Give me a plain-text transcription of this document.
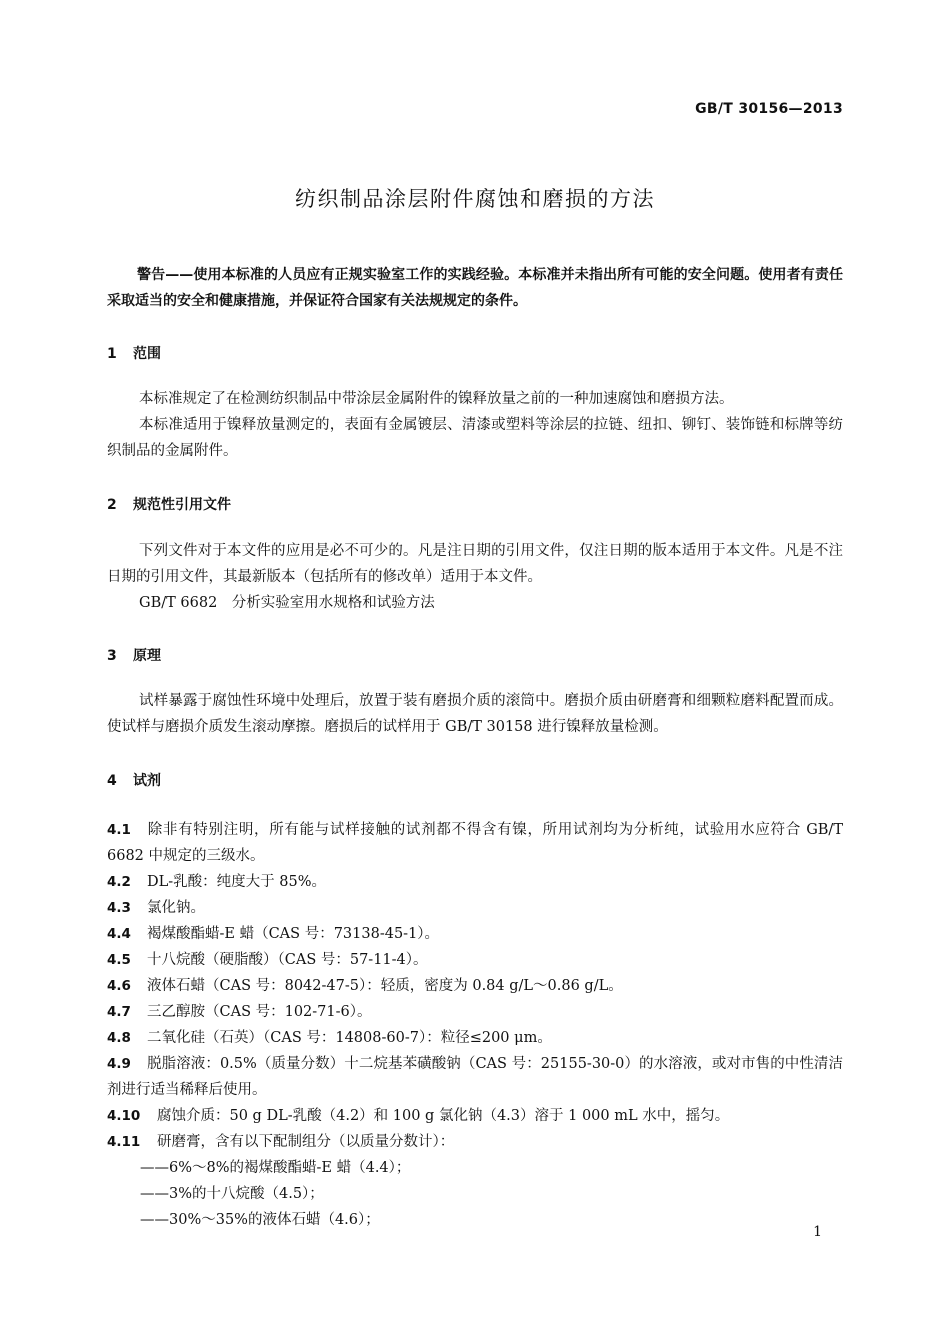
GB/T 30156—2013
纺织制品涂层附件腐蚀和磨损的方法

警告——使用本标准的人员应有正规实验室工作的实践经验。本标准并未指出所有可能的安全问题。使用者有责任采取适当的安全和健康措施，并保证符合国家有关法规规定的条件。

1 范围

本标准规定了在检测纺织制品中带涂层金属附件的镍释放量之前的一种加速腐蚀和磨损方法。

本标准适用于镍释放量测定的，表面有金属镀层、清漆或塑料等涂层的拉链、纽扣、铆钉、装饰链和标牌等纺织制品的金属附件。

2 规范性引用文件

下列文件对于本文件的应用是必不可少的。凡是注日期的引用文件，仅注日期的版本适用于本文件。凡是不注日期的引用文件，其最新版本（包括所有的修改单）适用于本文件。

GB/T 6682　分析实验室用水规格和试验方法

3 原理

试样暴露于腐蚀性环境中处理后，放置于装有磨损介质的滚筒中。磨损介质由研磨膏和细颗粒磨料配置而成。使试样与磨损介质发生滚动摩擦。磨损后的试样用于 GB/T 30158 进行镍释放量检测。

4 试剂

4.1 除非有特别注明，所有能与试样接触的试剂都不得含有镍，所用试剂均为分析纯，试验用水应符合 GB/T 6682 中规定的三级水。

4.2 DL-乳酸：纯度大于 85%。

4.3 氯化钠。

4.4 褐煤酸酯蜡-E 蜡（CAS 号：73138-45-1）。

4.5 十八烷酸（硬脂酸）（CAS 号：57-11-4）。

4.6 液体石蜡（CAS 号：8042-47-5）：轻质，密度为 0.84 g/L～0.86 g/L。

4.7 三乙醇胺（CAS 号：102-71-6）。

4.8 二氧化硅（石英）（CAS 号：14808-60-7）：粒径≤200 μm。

4.9 脱脂溶液：0.5%（质量分数）十二烷基苯磺酸钠（CAS 号：25155-30-0）的水溶液，或对市售的中性清洁剂进行适当稀释后使用。

4.10 腐蚀介质：50 g DL-乳酸（4.2）和 100 g 氯化钠（4.3）溶于 1 000 mL 水中，摇匀。

4.11 研磨膏，含有以下配制组分（以质量分数计）：

——6%～8%的褐煤酸酯蜡-E 蜡（4.4）；

——3%的十八烷酸（4.5）；

——30%～35%的液体石蜡（4.6）；

1
